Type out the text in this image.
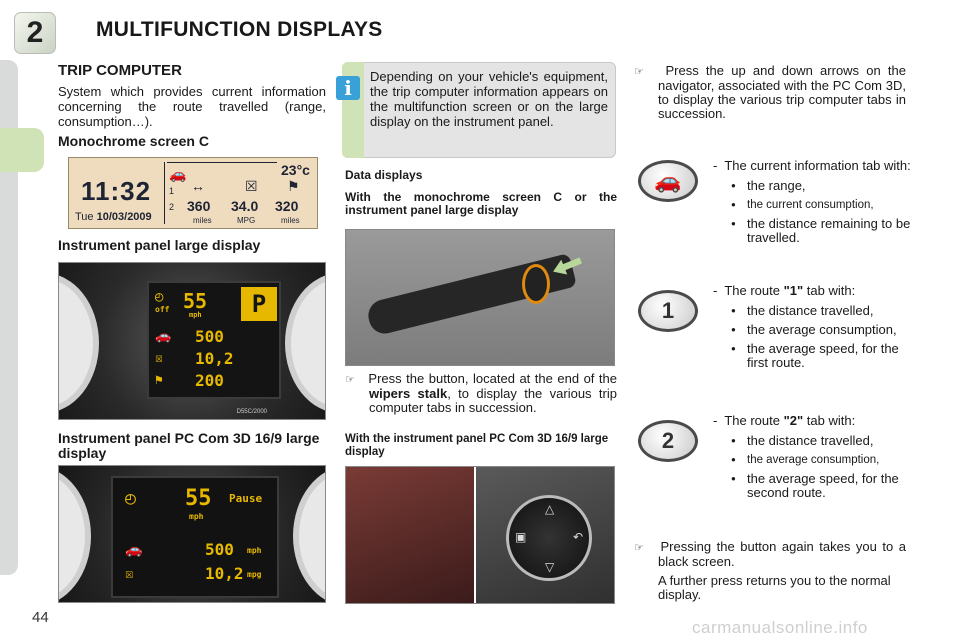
2	MULTIFUNCTION DISPLAYS
TRIP COMPUTER
System which provides current information concerning the route travelled (range, consumption…).
Monochrome screen C
11:32
Tue 10/03/2009
23°c
🚗
1
2
↔	☒ ⚑
360 34.0 320
miles	MPG	miles
Instrument panel large display
◴
off 55
mph	P
🚗 500
☒ 10,2
⚑ 200
D55C/2000
Instrument panel PC Com 3D 16/9 large display
◴ 55
mph
Pause
🚗	500 mph
☒	10,2 mpg
i	Depending on your vehicle's equipment, the trip computer information appears on the multifunction screen or on the large display on the instrument panel.
Data displays
With the monochrome screen C or the instrument panel large display
☞ Press the button, located at the end of the wipers stalk, to display the various trip computer tabs in succession.
With the instrument panel PC Com 3D 16/9 large display
△
▽
▣	↶
☞ Press the up and down arrows on the navigator, associated with the PC Com 3D, to display the various trip computer tabs in succession.
🚗
-  The current information tab with:
● the range,
● the current consumption,
● the distance remaining to be travelled.
1
-  The route "1" tab with:
● the distance travelled,
● the average consumption,
● the average speed, for the first route.
2
-  The route "2" tab with:
● the distance travelled,
● the average consumption,
● the average speed, for the second route.

☞ Pressing the button again takes you to a black screen.

A further press returns you to the normal display.

44
carmanualsonline.info
